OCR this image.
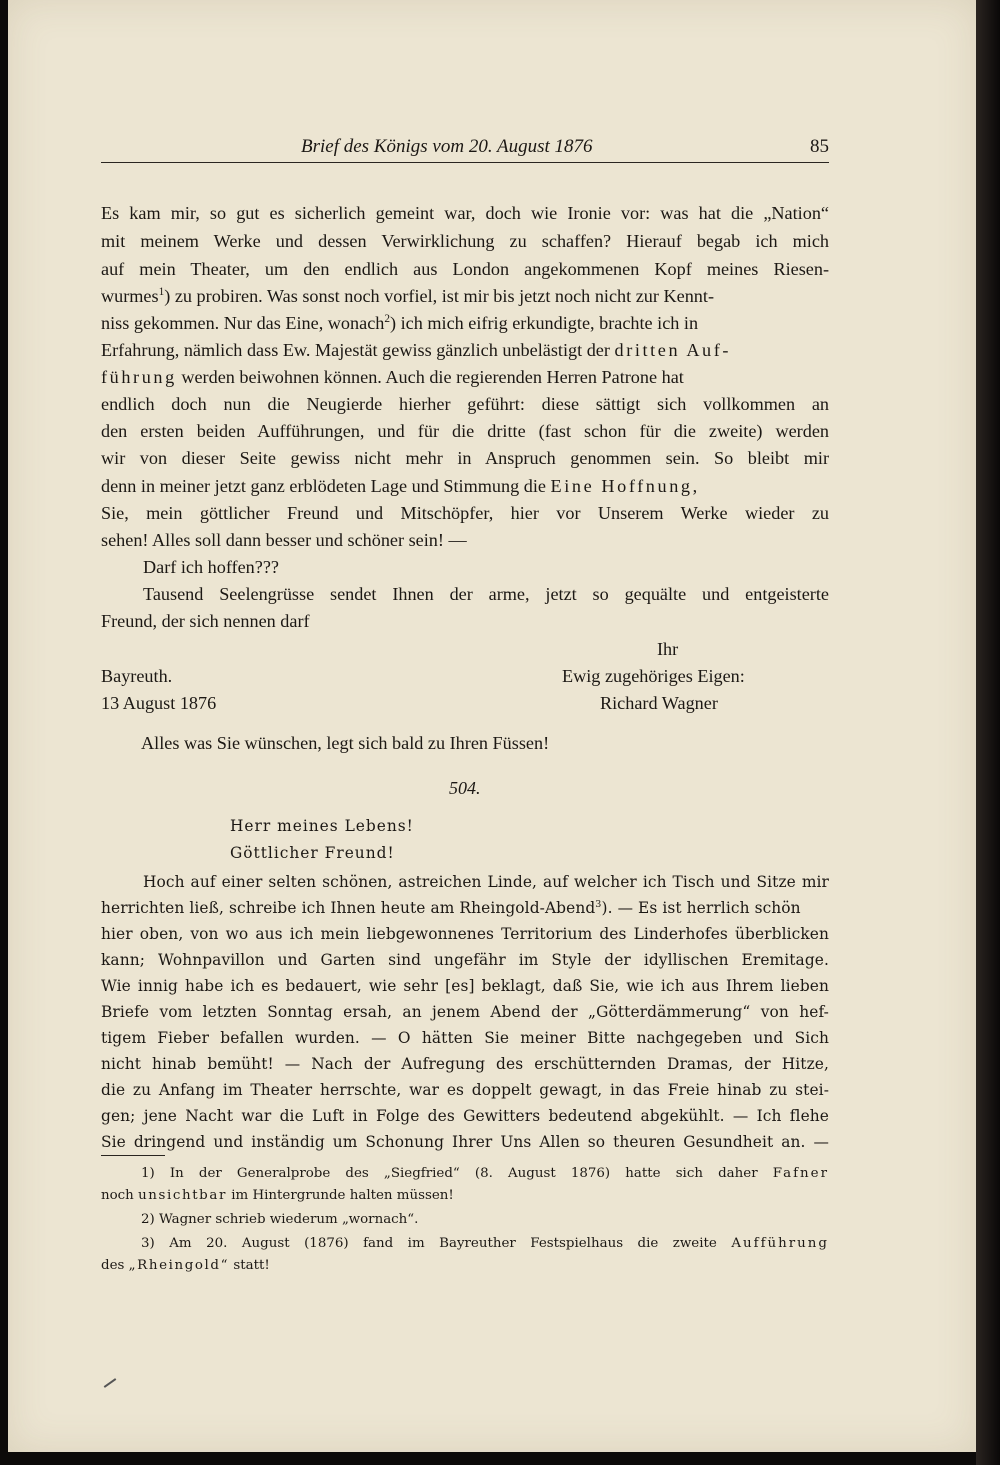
Brief des Königs vom 20. August 1876	85
Es kam mir, so gut es sicherlich gemeint war, doch wie Ironie vor: was hat die „Nation“
mit meinem Werke und dessen Verwirklichung zu schaffen? Hierauf begab ich mich
auf mein Theater, um den endlich aus London angekommenen Kopf meines Riesen-
wurmes$^1$) zu probiren. Was sonst noch vorfiel, ist mir bis jetzt noch nicht zur Kennt-
niss gekommen. Nur das Eine, wonach$^2$) ich mich eifrig erkundigte, brachte ich in
Erfahrung, nämlich dass Ew. Majestät gewiss gänzlich unbelästigt der dritten Auf-
führung werden beiwohnen können. Auch die regierenden Herren Patrone hat
endlich doch nun die Neugierde hierher geführt: diese sättigt sich vollkommen an
den ersten beiden Aufführungen, und für die dritte (fast schon für die zweite) werden
wir von dieser Seite gewiss nicht mehr in Anspruch genommen sein. So bleibt mir
denn in meiner jetzt ganz erblödeten Lage und Stimmung die Eine Hoffnung,
Sie, mein göttlicher Freund und Mitschöpfer, hier vor Unserem Werke wieder zu
sehen! Alles soll dann besser und schöner sein! —
Darf ich hoffen???
Tausend Seelengrüsse sendet Ihnen der arme, jetzt so gequälte und entgeisterte
Freund, der sich nennen darf
Ihr
Bayreuth.	Ewig zugehöriges Eigen:
13 August 1876	Richard Wagner
Alles was Sie wünschen, legt sich bald zu Ihren Füssen!
504.
Herr meines Lebens!
Göttlicher Freund!
Hoch auf einer selten schönen, astreichen Linde, auf welcher ich Tisch und Sitze mir
herrichten ließ, schreibe ich Ihnen heute am Rheingold-Abend$^3$). — Es ist herrlich schön
hier oben, von wo aus ich mein liebgewonnenes Territorium des Linderhofes überblicken
kann; Wohnpavillon und Garten sind ungefähr im Style der idyllischen Eremitage.
Wie innig habe ich es bedauert, wie sehr [es] beklagt, daß Sie, wie ich aus Ihrem lieben
Briefe vom letzten Sonntag ersah, an jenem Abend der „Götterdämmerung“ von hef-
tigem Fieber befallen wurden. — O hätten Sie meiner Bitte nachgegeben und Sich
nicht hinab bemüht! — Nach der Aufregung des erschütternden Dramas, der Hitze,
die zu Anfang im Theater herrschte, war es doppelt gewagt, in das Freie hinab zu stei-
gen; jene Nacht war die Luft in Folge des Gewitters bedeutend abgekühlt. — Ich flehe
Sie dringend und inständig um Schonung Ihrer Uns Allen so theuren Gesundheit an. —
1) In der Generalprobe des „Siegfried“ (8. August 1876) hatte sich daher Fafner
noch unsichtbar im Hintergrunde halten müssen!
2) Wagner schrieb wiederum „wornach“.
3) Am 20. August (1876) fand im Bayreuther Festspielhaus die zweite Aufführung
des „Rheingold“ statt!
